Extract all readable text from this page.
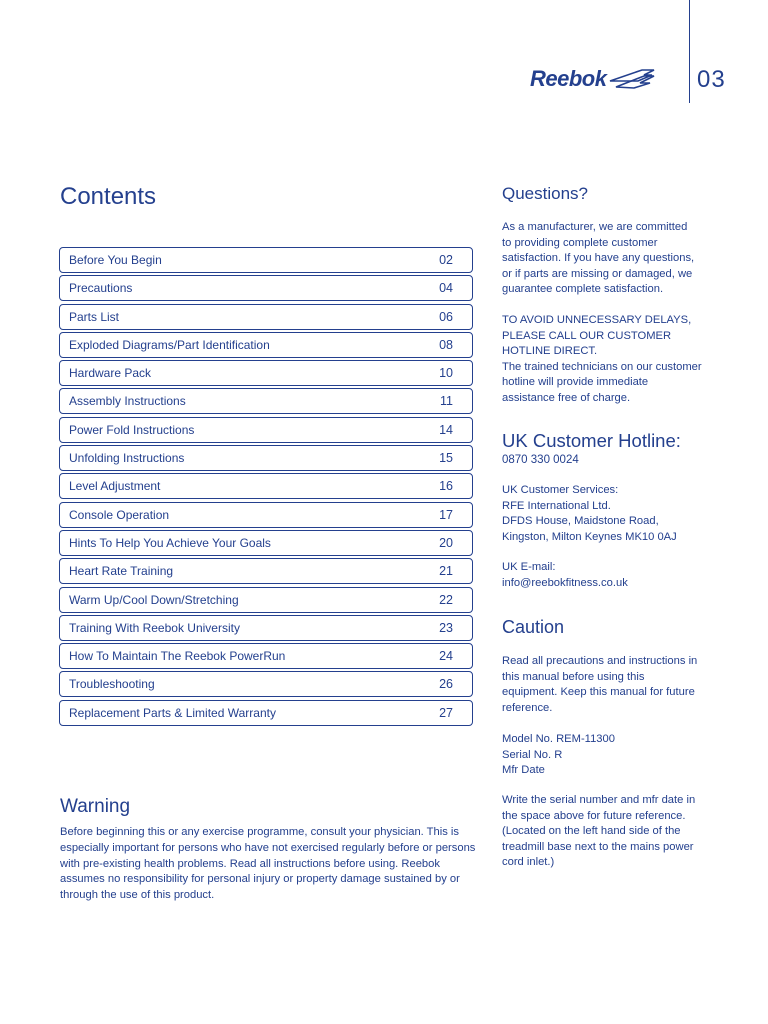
Reebok	03
Contents
Before You Begin	02
Precautions	04
Parts List	06
Exploded Diagrams/Part Identification	08
Hardware Pack	10
Assembly Instructions	11
Power Fold Instructions	14
Unfolding Instructions	15
Level Adjustment	16
Console Operation	17
Hints To Help You Achieve Your Goals	20
Heart Rate Training	21
Warm Up/Cool Down/Stretching	22
Training With Reebok University	23
How To Maintain The Reebok PowerRun	24
Troubleshooting	26
Replacement Parts & Limited Warranty	27
Warning
Before beginning this or any exercise programme, consult your physician. This is
especially important for persons who have not exercised regularly before or persons
with pre-existing health problems. Read all instructions before using. Reebok
assumes no responsibility for personal injury or property damage sustained by or
through the use of this product.
Questions?
As a manufacturer, we are committed
to providing complete customer
satisfaction. If you have any questions,
or if parts are missing or damaged, we
guarantee complete satisfaction.
TO AVOID UNNECESSARY DELAYS,
PLEASE CALL OUR CUSTOMER
HOTLINE DIRECT.
The trained technicians on our customer
hotline will provide immediate
assistance free of charge.
UK Customer Hotline:
0870 330 0024
UK Customer Services:
RFE International Ltd.
DFDS House, Maidstone Road,
Kingston, Milton Keynes MK10 0AJ
UK E-mail:
info@reebokfitness.co.uk
Caution
Read all precautions and instructions in
this manual before using this
equipment. Keep this manual for future
reference.
Model No. REM-11300
Serial No. R
Mfr Date
Write the serial number and mfr date in
the space above for future reference.
(Located on the left hand side of the
treadmill base next to the mains power
cord inlet.)
